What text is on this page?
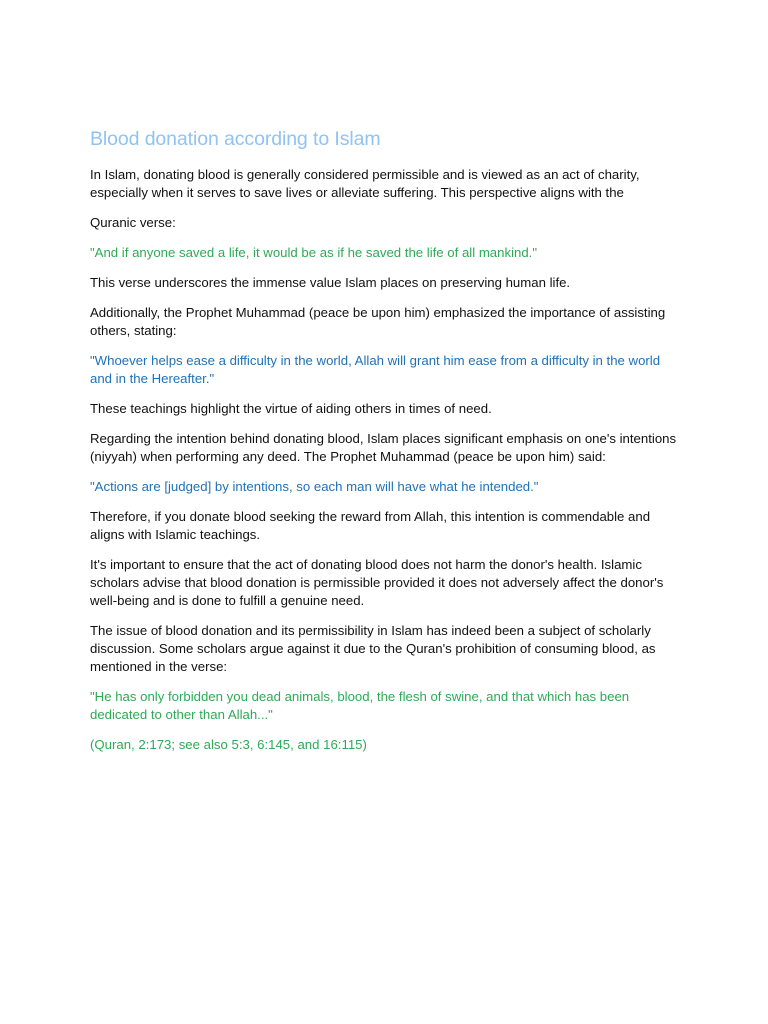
Blood donation according to Islam

In Islam, donating blood is generally considered permissible and is viewed as an act of charity, especially when it serves to save lives or alleviate suffering. This perspective aligns with the

Quranic verse:

"And if anyone saved a life, it would be as if he saved the life of all mankind."

This verse underscores the immense value Islam places on preserving human life.

Additionally, the Prophet Muhammad (peace be upon him) emphasized the importance of assisting others, stating:

"Whoever helps ease a difficulty in the world, Allah will grant him ease from a difficulty in the world and in the Hereafter."

These teachings highlight the virtue of aiding others in times of need.

Regarding the intention behind donating blood, Islam places significant emphasis on one's intentions (niyyah) when performing any deed. The Prophet Muhammad (peace be upon him) said:

"Actions are [judged] by intentions, so each man will have what he intended."

Therefore, if you donate blood seeking the reward from Allah, this intention is commendable and aligns with Islamic teachings.

It's important to ensure that the act of donating blood does not harm the donor's health. Islamic scholars advise that blood donation is permissible provided it does not adversely affect the donor's well-being and is done to fulfill a genuine need.

The issue of blood donation and its permissibility in Islam has indeed been a subject of scholarly discussion. Some scholars argue against it due to the Quran's prohibition of consuming blood, as mentioned in the verse:

"He has only forbidden you dead animals, blood, the flesh of swine, and that which has been dedicated to other than Allah..."

(Quran, 2:173; see also 5:3, 6:145, and 16:115)
